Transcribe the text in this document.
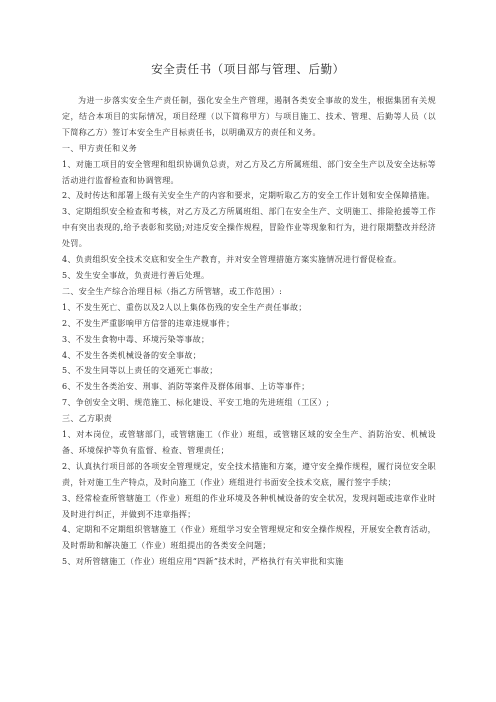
安全责任书（项目部与管理、后勤）

为进一步落实安全生产责任制，强化安全生产管理，遏制各类安全事故的发生，根据集团有关规定，结合本项目的实际情况，项目经理（以下简称甲方）与项目施工、技术、管理、后勤等人员（以下简称乙方）签订本安全生产目标责任书，以明确双方的责任和义务。

一、甲方责任和义务

1、对施工项目的安全管理和组织协调负总责，对乙方及乙方所属班组、部门安全生产以及安全达标等活动进行监督检查和协调管理。

2、及时传达和部署上级有关安全生产的内容和要求，定期听取乙方的安全工作计划和安全保障措施。

3、定期组织安全检查和考核，对乙方及乙方所属班组、部门在安全生产、文明施工、排险抢援等工作中有突出表现的,给予表彰和奖励;对违反安全操作规程，冒险作业等现象和行为，进行限期整改并经济处罚。

4、负责组织安全技术交底和安全生产教育，并对安全管理措施方案实施情况进行督促检查。

5、发生安全事故，负责进行善后处理。

二、安全生产综合治理目标（指乙方所管辖，或工作范围）:

1、不发生死亡、重伤以及2人以上集体伤残的安全生产责任事故；

2、不发生严重影响甲方信誉的违章违规事件；

3、不发生食物中毒、环境污染等事故；

4、不发生各类机械设备的安全事故；

5、不发生同等以上责任的交通死亡事故；

6、不发生各类治安、刑事、消防等案件及群体闹事、上访等事件；

7、争创安全文明、规范施工、标化建设、平安工地的先进班组（工区）;

三、乙方职责

1、对本岗位，或管辖部门，或管辖施工（作业）班组，或管辖区域的安全生产、消防治安、机械设备、环境保护等负有监督、检查、管理责任；

2、认真执行项目部的各项安全管理规定，安全技术措施和方案，遵守安全操作规程，履行岗位安全职责，针对施工生产特点，及时向施工（作业）班组进行书面安全技术交底，履行签字手续；

3、经常检查所管辖施工（作业）班组的作业环境及各种机械设备的安全状况，发现问题或违章作业时及时进行纠正，并做到不违章指挥；

4、定期和不定期组织管辖施工（作业）班组学习安全管理规定和安全操作规程，开展安全教育活动，及时帮助和解决施工（作业）班组提出的各类安全问题；

5、对所管辖施工（作业）班组应用“四新”技术时，严格执行有关审批和实施
